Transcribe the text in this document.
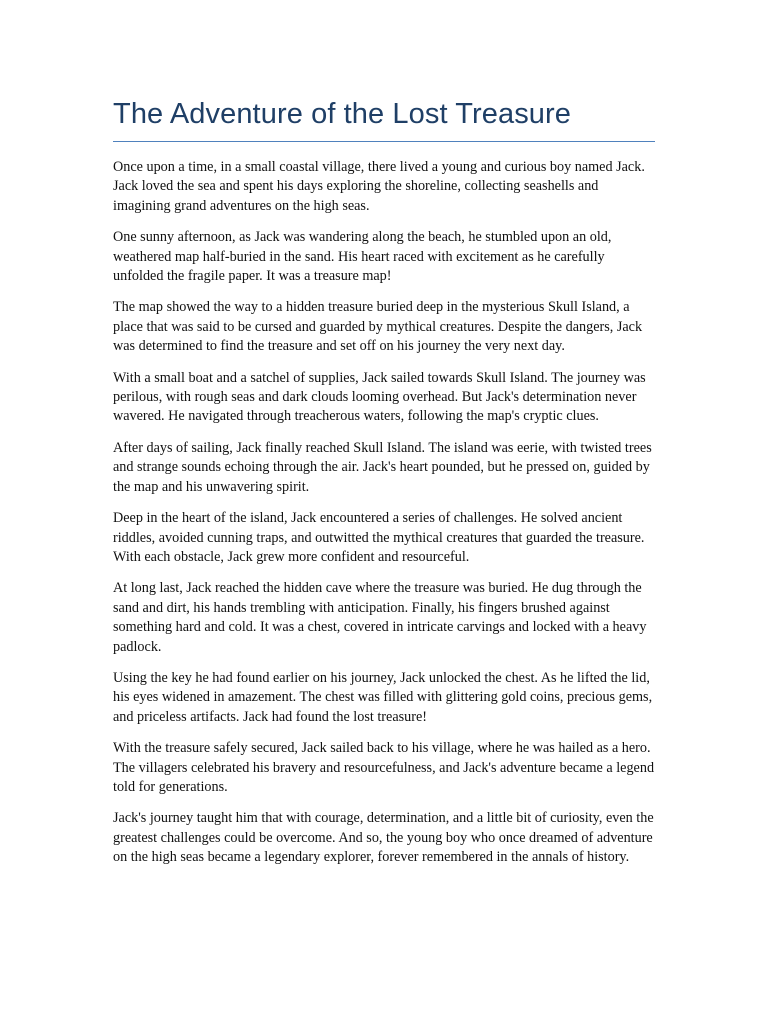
The Adventure of the Lost Treasure

Once upon a time, in a small coastal village, there lived a young and curious boy named Jack. Jack loved the sea and spent his days exploring the shoreline, collecting seashells and imagining grand adventures on the high seas.

One sunny afternoon, as Jack was wandering along the beach, he stumbled upon an old, weathered map half-buried in the sand. His heart raced with excitement as he carefully unfolded the fragile paper. It was a treasure map!

The map showed the way to a hidden treasure buried deep in the mysterious Skull Island, a place that was said to be cursed and guarded by mythical creatures. Despite the dangers, Jack was determined to find the treasure and set off on his journey the very next day.

With a small boat and a satchel of supplies, Jack sailed towards Skull Island. The journey was perilous, with rough seas and dark clouds looming overhead. But Jack's determination never wavered. He navigated through treacherous waters, following the map's cryptic clues.

After days of sailing, Jack finally reached Skull Island. The island was eerie, with twisted trees and strange sounds echoing through the air. Jack's heart pounded, but he pressed on, guided by the map and his unwavering spirit.

Deep in the heart of the island, Jack encountered a series of challenges. He solved ancient riddles, avoided cunning traps, and outwitted the mythical creatures that guarded the treasure. With each obstacle, Jack grew more confident and resourceful.

At long last, Jack reached the hidden cave where the treasure was buried. He dug through the sand and dirt, his hands trembling with anticipation. Finally, his fingers brushed against something hard and cold. It was a chest, covered in intricate carvings and locked with a heavy padlock.

Using the key he had found earlier on his journey, Jack unlocked the chest. As he lifted the lid, his eyes widened in amazement. The chest was filled with glittering gold coins, precious gems, and priceless artifacts. Jack had found the lost treasure!

With the treasure safely secured, Jack sailed back to his village, where he was hailed as a hero. The villagers celebrated his bravery and resourcefulness, and Jack's adventure became a legend told for generations.

Jack's journey taught him that with courage, determination, and a little bit of curiosity, even the greatest challenges could be overcome. And so, the young boy who once dreamed of adventure on the high seas became a legendary explorer, forever remembered in the annals of history.
